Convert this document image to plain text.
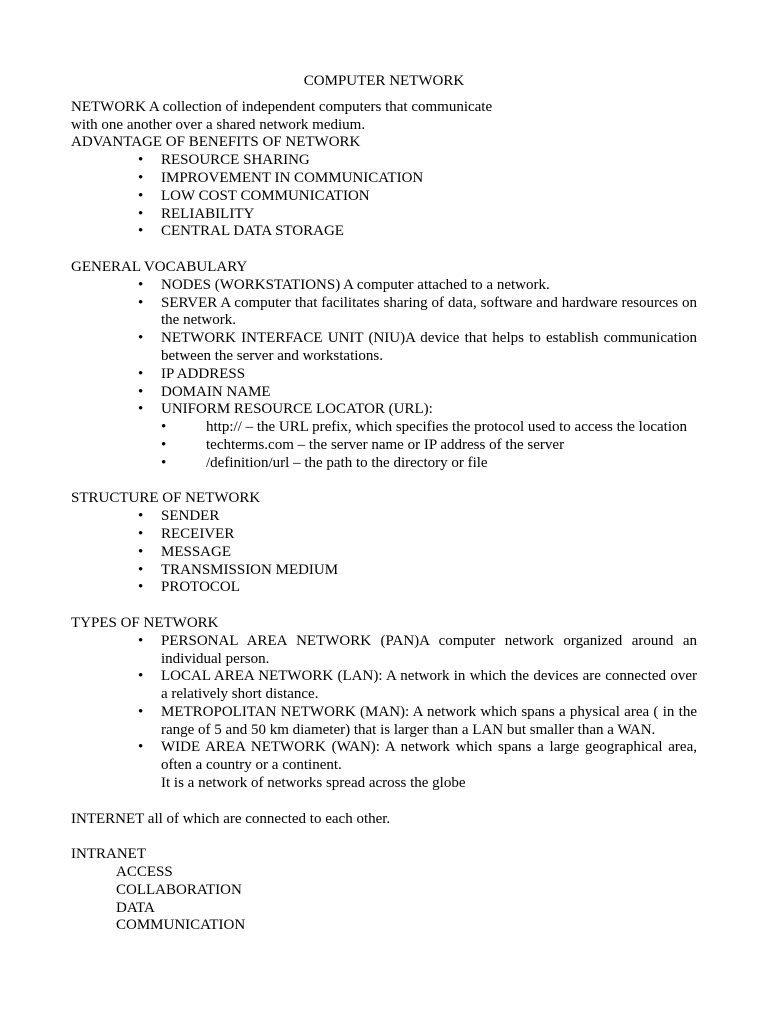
COMPUTER NETWORK

NETWORK A collection of independent computers that communicate

with one another over a shared network medium.

ADVANTAGE OF BENEFITS OF NETWORK

• RESOURCE SHARING
• IMPROVEMENT IN COMMUNICATION
• LOW COST COMMUNICATION
• RELIABILITY
• CENTRAL DATA STORAGE

GENERAL VOCABULARY

• NODES (WORKSTATIONS) A computer attached to a network.
• SERVER A computer that facilitates sharing of data, software and hardware resources on the network.
• NETWORK INTERFACE UNIT (NIU)A device that helps to establish communication between the server and workstations.
• IP ADDRESS
• DOMAIN NAME
• UNIFORM RESOURCE LOCATOR (URL):
•	http:// – the URL prefix, which specifies the protocol used to access the location
•	techterms.com – the server name or IP address of the server
•	/definition/url – the path to the directory or file

STRUCTURE OF NETWORK

• SENDER
• RECEIVER
• MESSAGE
• TRANSMISSION MEDIUM
• PROTOCOL

TYPES OF NETWORK

• PERSONAL AREA NETWORK (PAN)A computer network organized around an individual person.
• LOCAL AREA NETWORK (LAN): A network in which the devices are connected over a relatively short distance.
• METROPOLITAN NETWORK (MAN): A network which spans a physical area ( in the range of 5 and 50 km diameter) that is larger than a LAN but smaller than a WAN.
• WIDE AREA NETWORK (WAN): A network which spans a large geographical area, often a country or a continent.
It is a network of networks spread across the globe

INTERNET all of which are connected to each other.

INTRANET

ACCESS
COLLABORATION
DATA
COMMUNICATION
